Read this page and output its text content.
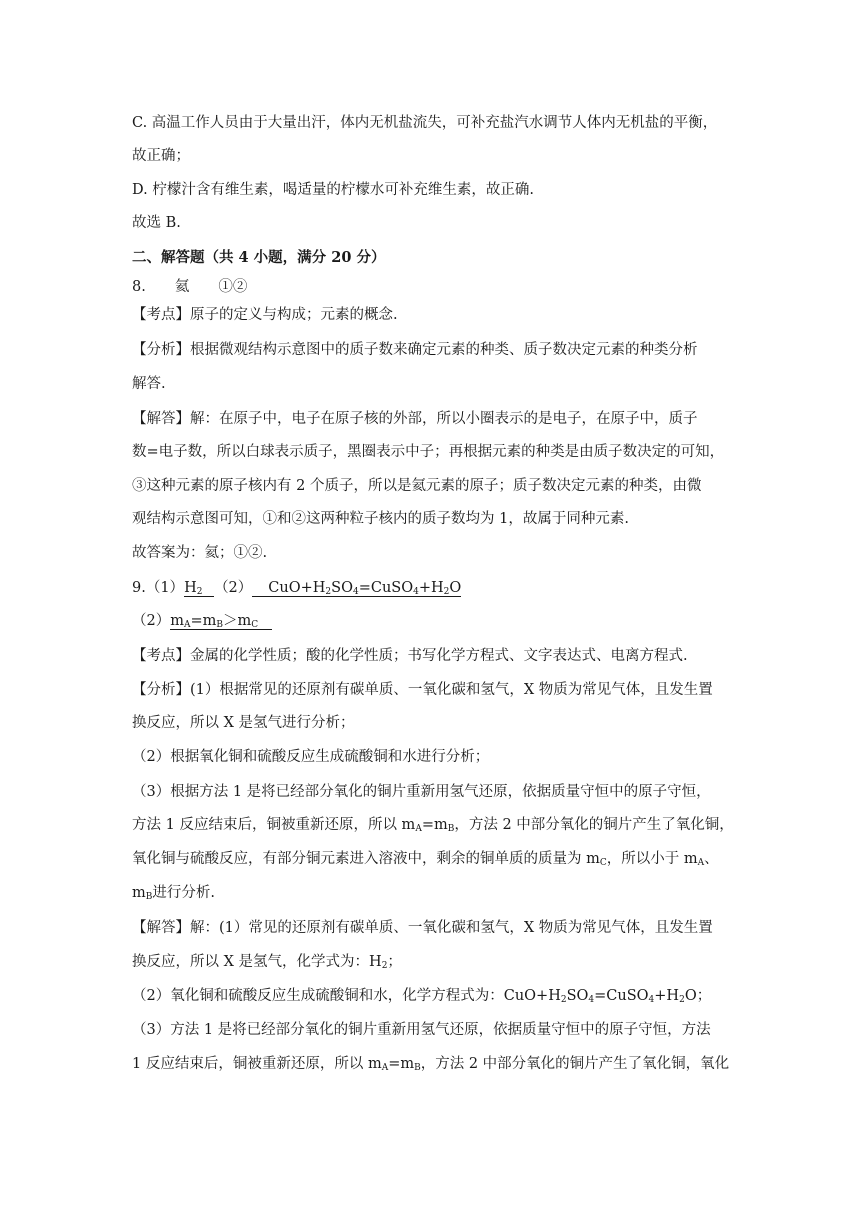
C. 高温工作人员由于大量出汗，体内无机盐流失，可补充盐汽水调节人体内无机盐的平衡，
故正确；
D. 柠檬汁含有维生素，喝适量的柠檬水可补充维生素，故正确.
故选 B.
二、解答题（共 4 小题，满分 20 分）
8.　　氦　　①②
【考点】原子的定义与构成；元素的概念.
【分析】根据微观结构示意图中的质子数来确定元素的种类、质子数决定元素的种类分析
解答.
【解答】解：在原子中，电子在原子核的外部，所以小圈表示的是电子，在原子中，质子
数=电子数，所以白球表示质子，黑圈表示中子；再根据元素的种类是由质子数决定的可知，
③这种元素的原子核内有 2 个质子，所以是氦元素的原子；质子数决定元素的种类，由微
观结构示意图可知，①和②这两种粒子核内的质子数均为 1，故属于同种元素.
故答案为：氦；①②.
$9.(1)H_2$ （2） $CuO+H_2SO_4=CuSO_4+H_2O$
$(2)m_A=m_B>m_C$
【考点】金属的化学性质；酸的化学性质；书写化学方程式、文字表达式、电离方程式.
【分析】(1）根据常见的还原剂有碳单质、一氧化碳和氢气，X 物质为常见气体，且发生置
换反应，所以 X 是氢气进行分析；
（2）根据氧化铜和硫酸反应生成硫酸铜和水进行分析；
（3）根据方法 1 是将已经部分氧化的铜片重新用氢气还原，依据质量守恒中的原子守恒，
方法 1 反应结束后，铜被重新还原，所以 $m_A=m_B$，方法 2 中部分氧化的铜片产生了氧化铜，
氧化铜与硫酸反应，有部分铜元素进入溶液中，剩余的铜单质的质量为 $m_C$，所以小于 $m_A$、
$m_B$进行分析.
【解答】解：(1）常见的还原剂有碳单质、一氧化碳和氢气，X 物质为常见气体，且发生置
换反应，所以 X 是氢气，化学式为：$H_2$；
（2）氧化铜和硫酸反应生成硫酸铜和水，化学方程式为：$CuO+H_2SO_4=CuSO_4+H_2O$；
（3）方法 1 是将已经部分氧化的铜片重新用氢气还原，依据质量守恒中的原子守恒，方法
1 反应结束后，铜被重新还原，所以 $m_A=m_B$，方法 2 中部分氧化的铜片产生了氧化铜，氧化
